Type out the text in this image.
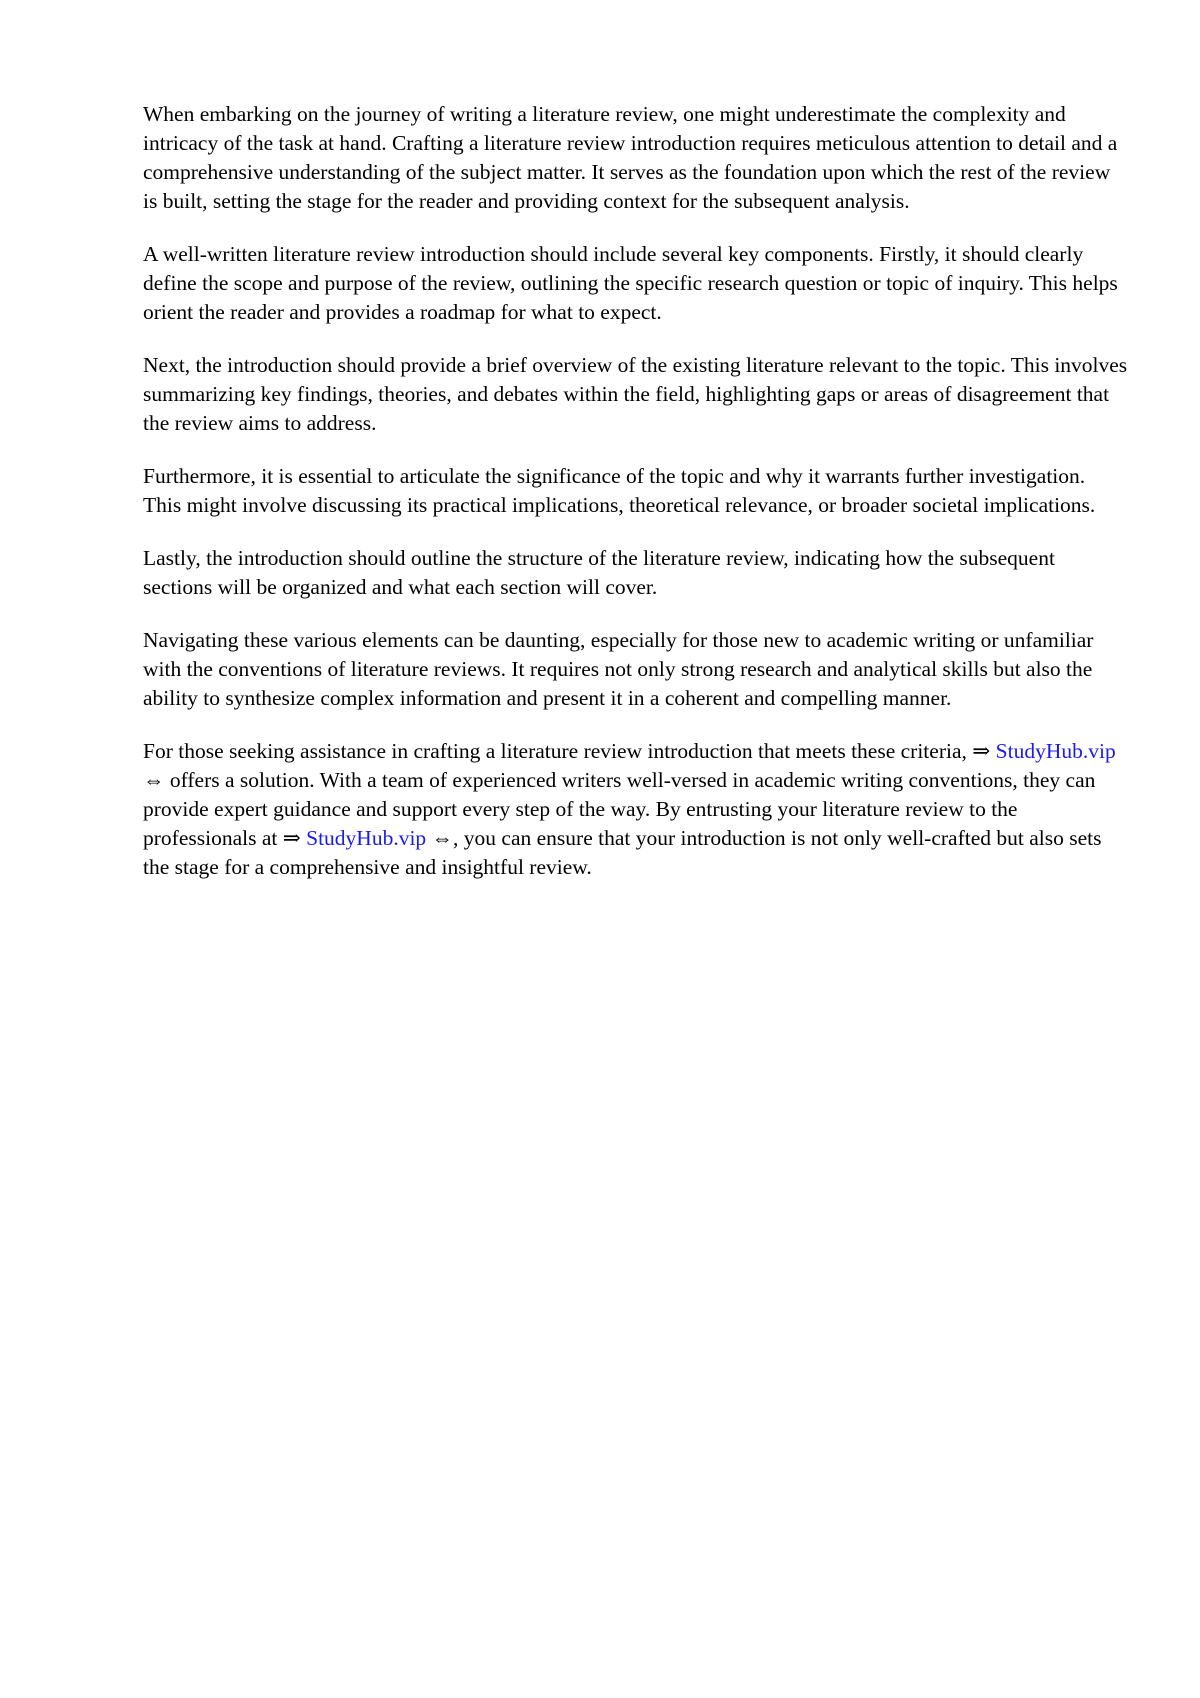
When embarking on the journey of writing a literature review, one might underestimate the complexity and intricacy of the task at hand. Crafting a literature review introduction requires meticulous attention to detail and a comprehensive understanding of the subject matter. It serves as the foundation upon which the rest of the review is built, setting the stage for the reader and providing context for the subsequent analysis.

A well-written literature review introduction should include several key components. Firstly, it should clearly define the scope and purpose of the review, outlining the specific research question or topic of inquiry. This helps orient the reader and provides a roadmap for what to expect.

Next, the introduction should provide a brief overview of the existing literature relevant to the topic. This involves summarizing key findings, theories, and debates within the field, highlighting gaps or areas of disagreement that the review aims to address.

Furthermore, it is essential to articulate the significance of the topic and why it warrants further investigation. This might involve discussing its practical implications, theoretical relevance, or broader societal implications.

Lastly, the introduction should outline the structure of the literature review, indicating how the subsequent sections will be organized and what each section will cover.

Navigating these various elements can be daunting, especially for those new to academic writing or unfamiliar with the conventions of literature reviews. It requires not only strong research and analytical skills but also the ability to synthesize complex information and present it in a coherent and compelling manner.

For those seeking assistance in crafting a literature review introduction that meets these criteria, ⇒ StudyHub.vip ⇔ offers a solution. With a team of experienced writers well-versed in academic writing conventions, they can provide expert guidance and support every step of the way. By entrusting your literature review to the professionals at ⇒ StudyHub.vip ⇔, you can ensure that your introduction is not only well-crafted but also sets the stage for a comprehensive and insightful review.
